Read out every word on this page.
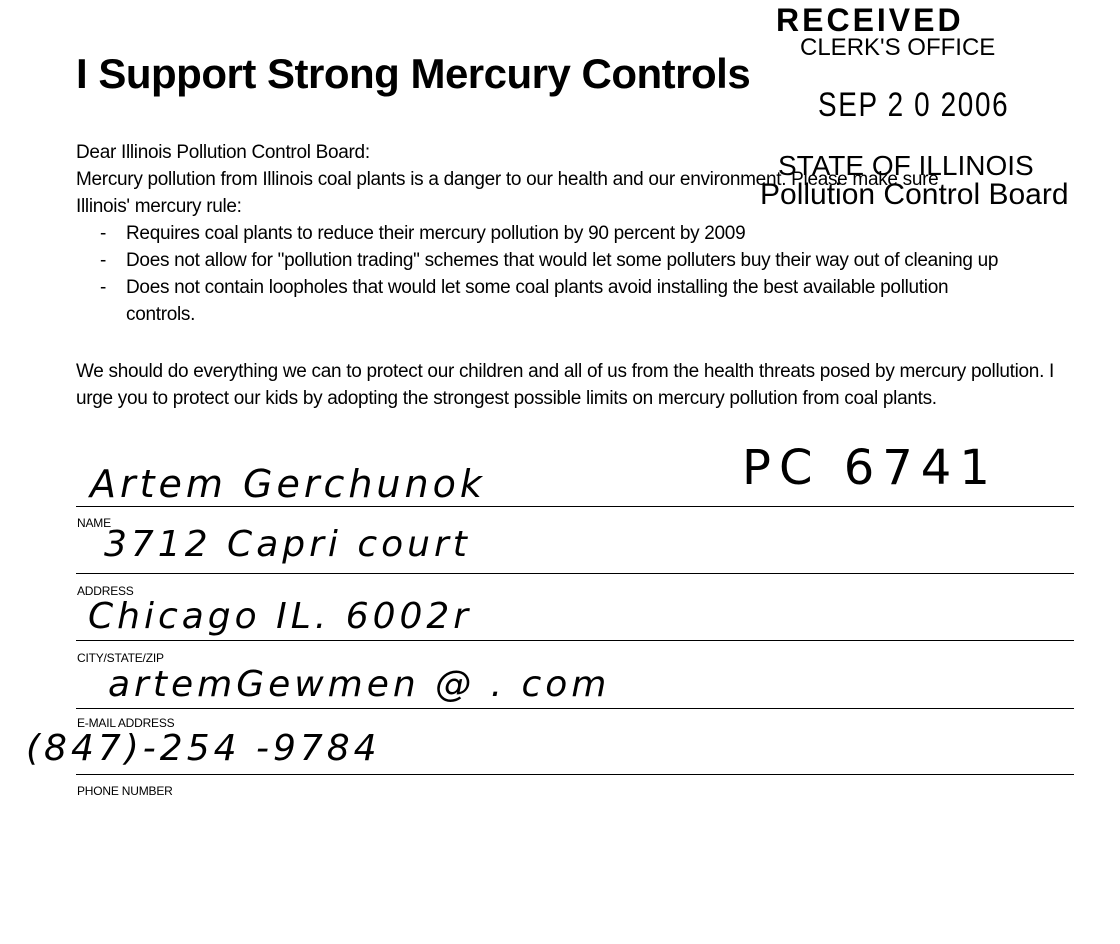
I Support Strong Mercury Controls
RECEIVED
CLERK'S OFFICE
SEP 2 0 2006
STATE OF ILLINOIS
Pollution Control Board
Dear Illinois Pollution Control Board:
Mercury pollution from Illinois coal plants is a danger to our health and our environment. Please make sure
Illinois' mercury rule:
- Requires coal plants to reduce their mercury pollution by 90 percent by 2009
- Does not allow for "pollution trading" schemes that would let some polluters buy their way out of cleaning up
- Does not contain loopholes that would let some coal plants avoid installing the best available pollution controls.
We should do everything we can to protect our children and all of us from the health threats posed by mercury pollution. I urge you to protect our kids by adopting the strongest possible limits on mercury pollution from coal plants.
PC 6741
Artem Gerchunok
NAME
3712 Capri court
ADDRESS
Chicago IL. 6002r
CITY/STATE/ZIP
artemGewmen @ . com
E-MAIL ADDRESS
(847)-254 -9784
PHONE NUMBER
